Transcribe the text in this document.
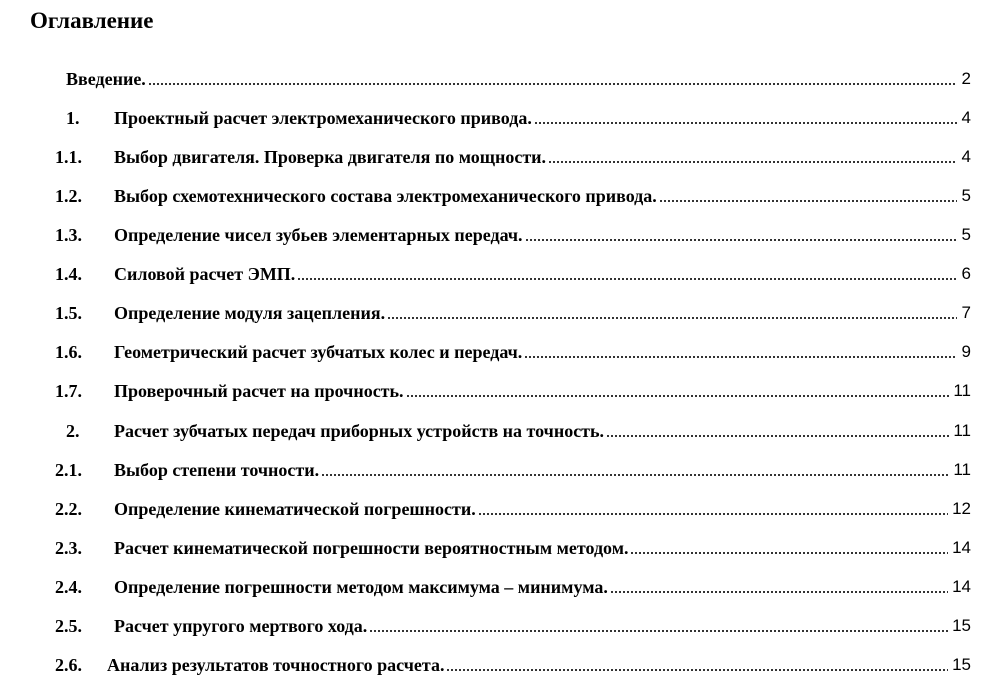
Оглавление
Введение.	2
1.	Проектный расчет электромеханического привода.	4
1.1.	Выбор двигателя. Проверка двигателя по мощности.	4
1.2.	Выбор схемотехнического состава электромеханического привода.	5
1.3.	Определение чисел зубьев элементарных передач.	5
1.4.	Силовой расчет ЭМП.	6
1.5.	Определение модуля зацепления.	7
1.6.	Геометрический расчет зубчатых колес и передач.	9
1.7.	Проверочный расчет на прочность.	11
2.	Расчет зубчатых передач приборных устройств на точность.	11
2.1.	Выбор степени точности.	11
2.2.	Определение кинематической погрешности.	12
2.3.	Расчет кинематической погрешности вероятностным методом.	14
2.4.	Определение погрешности методом максимума – минимума.	14
2.5.	Расчет упругого мертвого хода.	15
2.6.	Анализ результатов точностного расчета.	15
